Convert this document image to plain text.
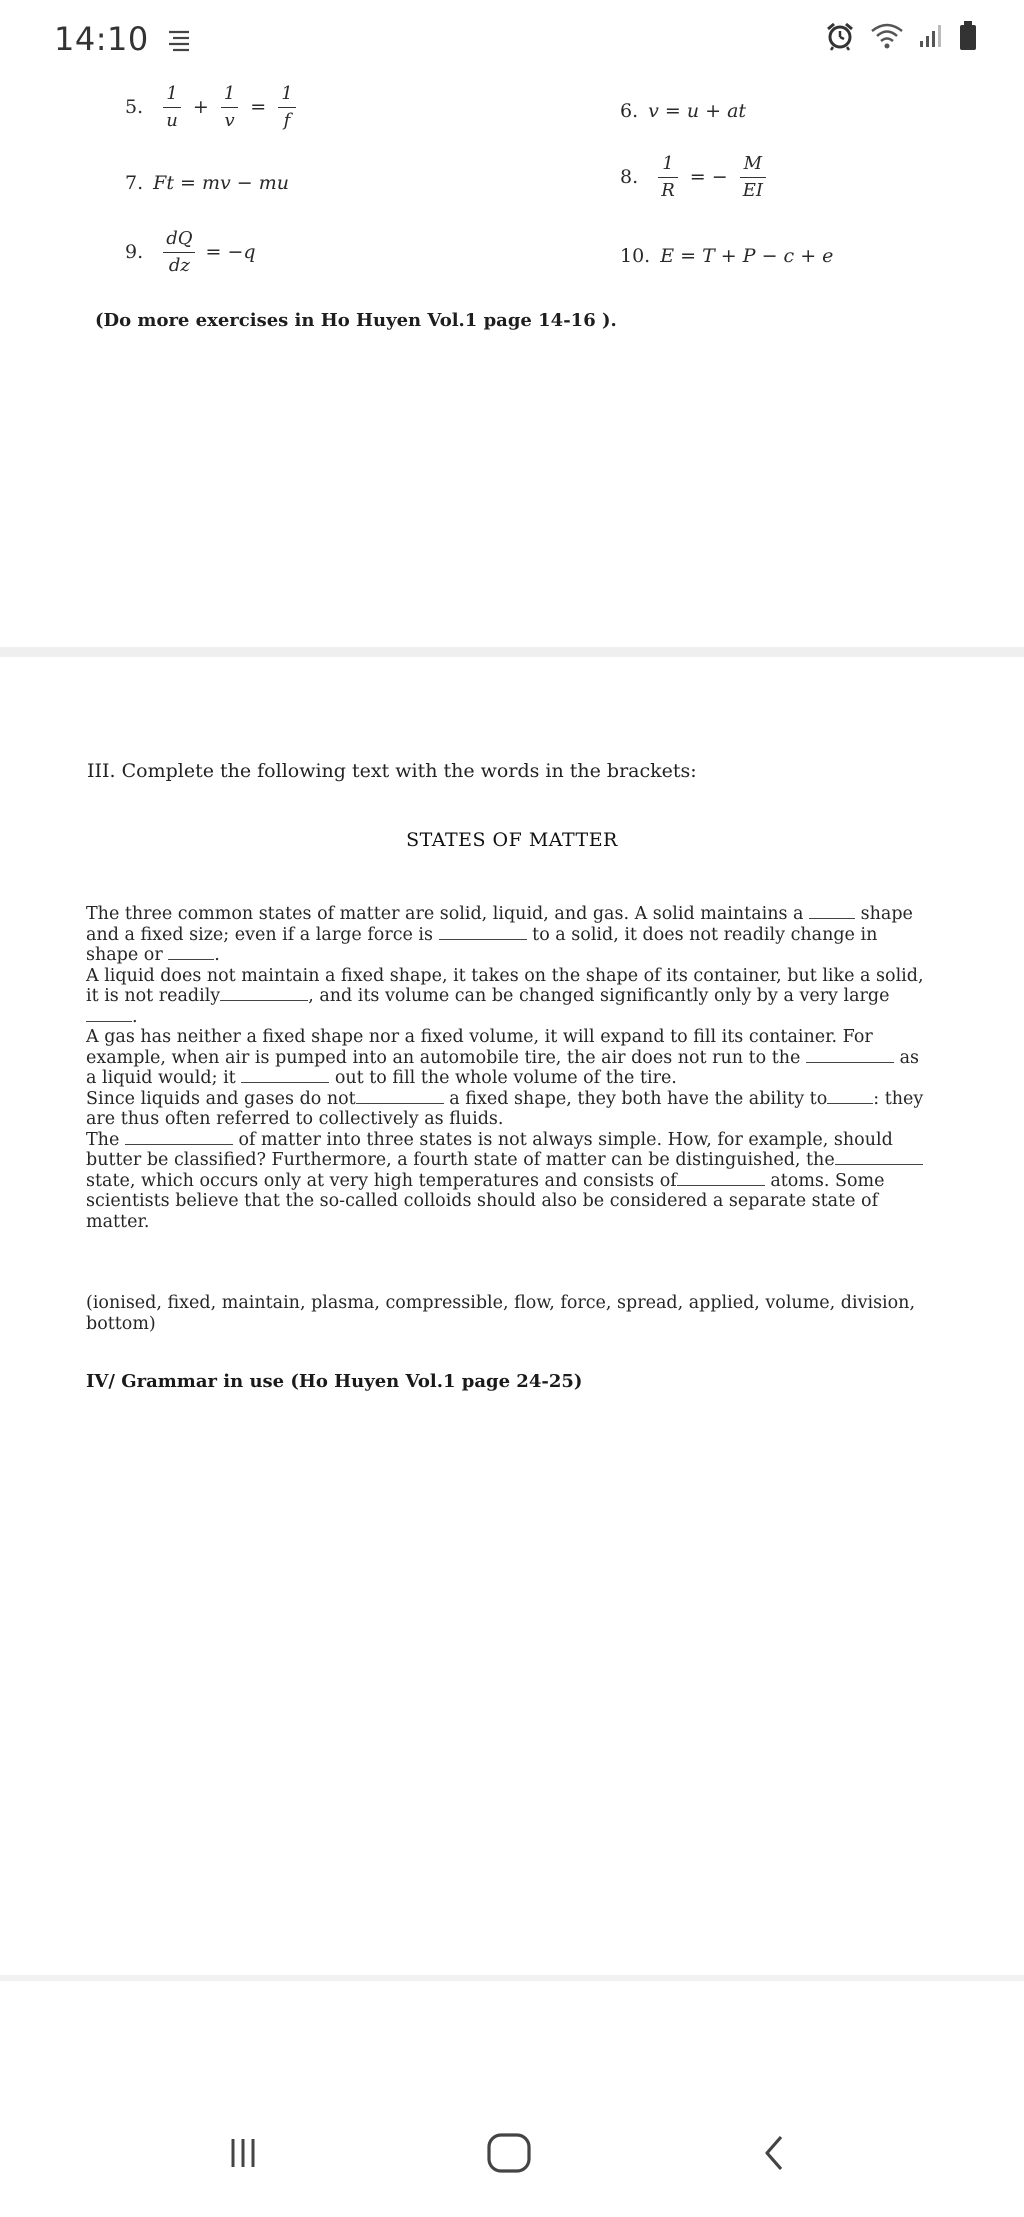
14:10
5. $\frac{1}{u} + \frac{1}{v} = \frac{1}{f}$	6. v = u + at
7. Ft = mv − mu	8. $\frac{1}{R}$ = − $\frac{M}{EI}$
9. $\frac{dQ}{dz} = -q$	10. E = T + P − c + e
(Do more exercises in Ho Huyen Vol.1 page 14-16 ).
III. Complete the following text with the words in the brackets:
STATES OF MATTER

The three common states of matter are solid, liquid, and gas. A solid maintains a	shape and a fixed size; even if a large force is	to a solid, it does not readily change in shape or	.

A liquid does not maintain a fixed shape, it takes on the shape of its container, but like a solid, it is not readily	, and its volume can be changed significantly only by a very large.

A gas has neither a fixed shape nor a fixed volume, it will expand to fill its container. For example, when air is pumped into an automobile tire, the air does not run to the	as a liquid would; it	out to fill the whole volume of the tire.

Since liquids and gases do not	a fixed shape, they both have the ability to	: they are thus often referred to collectively as fluids.

The	of matter into three states is not always simple. How, for example, should butter be classified? Furthermore, a fourth state of matter can be distinguished, the state, which occurs only at very high temperatures and consists of	atoms. Some scientists believe that the so-called colloids should also be considered a separate state of matter.

(ionised, fixed, maintain, plasma, compressible, flow, force, spread, applied, volume, division, bottom)
IV/ Grammar in use (Ho Huyen Vol.1 page 24-25)
